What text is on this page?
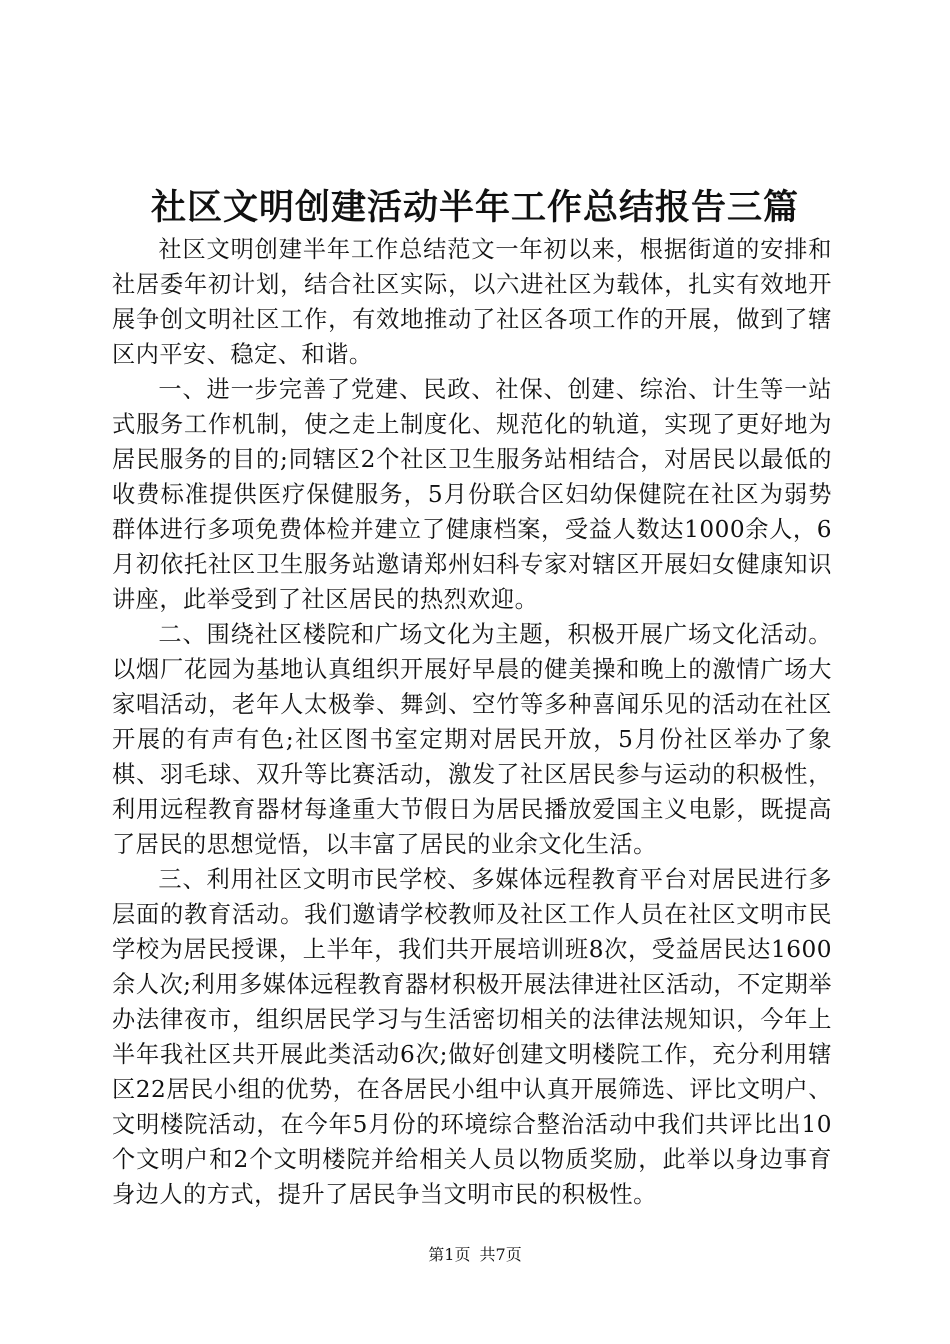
社区文明创建活动半年工作总结报告三篇

社区文明创建半年工作总结范文一年初以来，根据街道的安排和社居委年初计划，结合社区实际，以六进社区为载体，扎实有效地开展争创文明社区工作，有效地推动了社区各项工作的开展，做到了辖区内平安、稳定、和谐。

一、进一步完善了党建、民政、社保、创建、综治、计生等一站式服务工作机制，使之走上制度化、规范化的轨道，实现了更好地为居民服务的目的;同辖区2个社区卫生服务站相结合，对居民以最低的收费标准提供医疗保健服务，5月份联合区妇幼保健院在社区为弱势群体进行多项免费体检并建立了健康档案，受益人数达1000余人，6月初依托社区卫生服务站邀请郑州妇科专家对辖区开展妇女健康知识讲座，此举受到了社区居民的热烈欢迎。

二、围绕社区楼院和广场文化为主题，积极开展广场文化活动。以烟厂花园为基地认真组织开展好早晨的健美操和晚上的激情广场大家唱活动，老年人太极拳、舞剑、空竹等多种喜闻乐见的活动在社区开展的有声有色;社区图书室定期对居民开放，5月份社区举办了象棋、羽毛球、双升等比赛活动，激发了社区居民参与运动的积极性，利用远程教育器材每逢重大节假日为居民播放爱国主义电影，既提高了居民的思想觉悟，以丰富了居民的业余文化生活。

三、利用社区文明市民学校、多媒体远程教育平台对居民进行多层面的教育活动。我们邀请学校教师及社区工作人员在社区文明市民学校为居民授课，上半年，我们共开展培训班8次，受益居民达1600余人次;利用多媒体远程教育器材积极开展法律进社区活动，不定期举办法律夜市，组织居民学习与生活密切相关的法律法规知识，今年上半年我社区共开展此类活动6次;做好创建文明楼院工作，充分利用辖区22居民小组的优势，在各居民小组中认真开展筛选、评比文明户、文明楼院活动，在今年5月份的环境综合整治活动中我们共评比出10个文明户和2个文明楼院并给相关人员以物质奖励，此举以身边事育身边人的方式，提升了居民争当文明市民的积极性。

第1页 共7页
